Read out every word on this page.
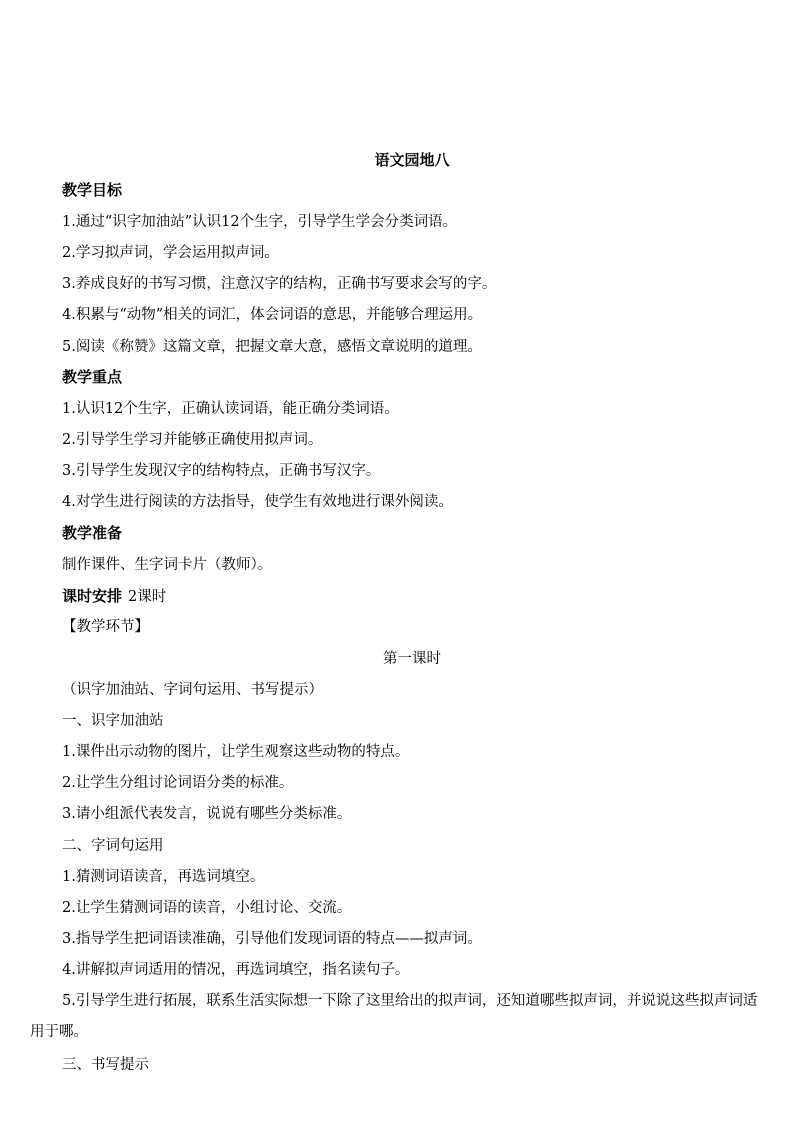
语文园地八
教学目标
1.通过“识字加油站”认识12个生字，引导学生学会分类词语。
2.学习拟声词，学会运用拟声词。
3.养成良好的书写习惯，注意汉字的结构，正确书写要求会写的字。
4.积累与“动物”相关的词汇，体会词语的意思，并能够合理运用。
5.阅读《称赞》这篇文章，把握文章大意，感悟文章说明的道理。
教学重点
1.认识12个生字，正确认读词语，能正确分类词语。
2.引导学生学习并能够正确使用拟声词。
3.引导学生发现汉字的结构特点，正确书写汉字。
4.对学生进行阅读的方法指导，使学生有效地进行课外阅读。
教学准备
制作课件、生字词卡片（教师）。
课时安排 2课时
【教学环节】
第一课时
（识字加油站、字词句运用、书写提示）
一、识字加油站
1.课件出示动物的图片，让学生观察这些动物的特点。
2.让学生分组讨论词语分类的标准。
3.请小组派代表发言，说说有哪些分类标准。
二、字词句运用
1.猜测词语读音，再选词填空。
2.让学生猜测词语的读音，小组讨论、交流。
3.指导学生把词语读准确，引导他们发现词语的特点——拟声词。
4.讲解拟声词适用的情况，再选词填空，指名读句子。
5.引导学生进行拓展，联系生活实际想一下除了这里给出的拟声词，还知道哪些拟声词，并说说这些拟声词适用于哪。
三、书写提示
